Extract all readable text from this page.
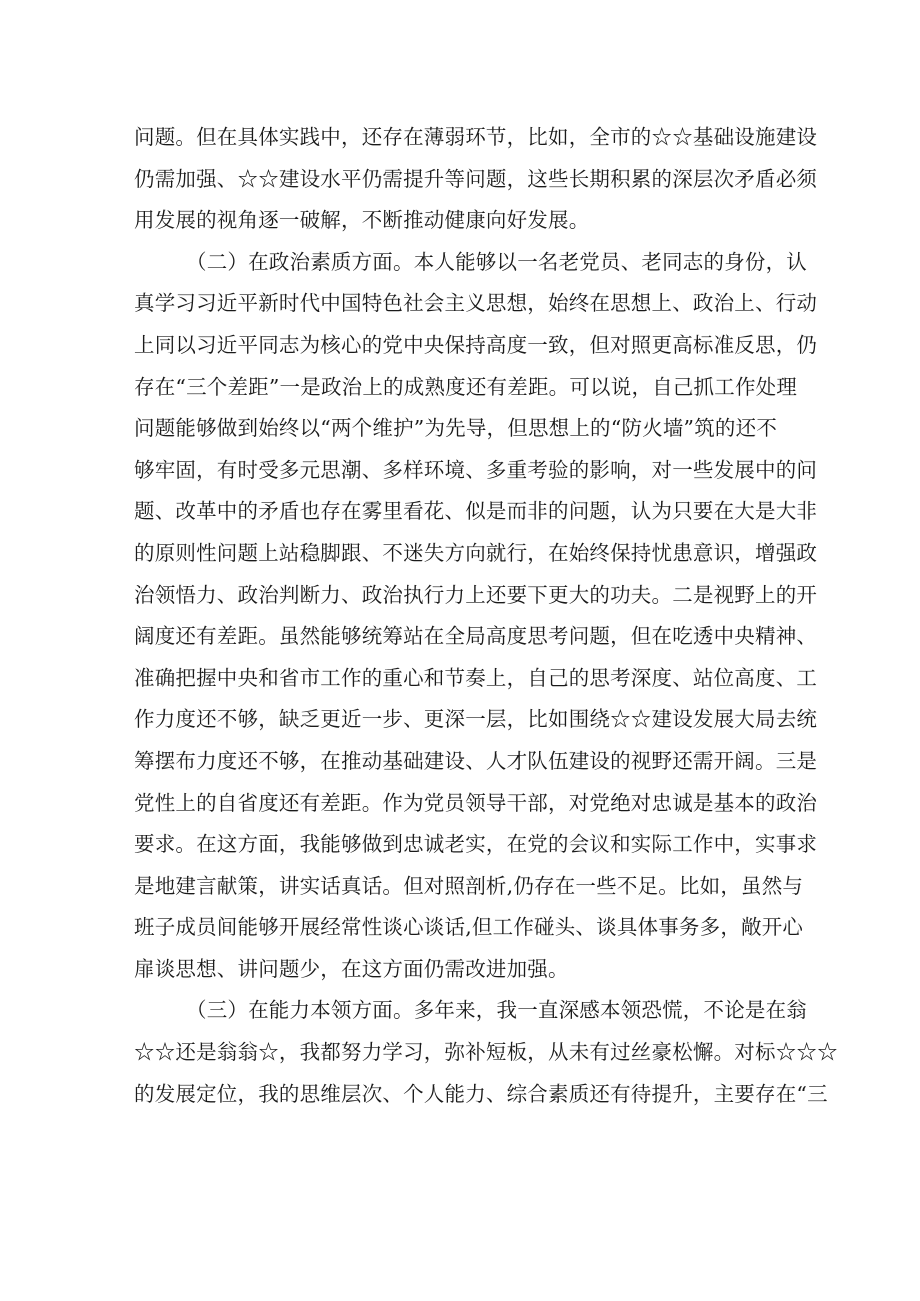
问题。但在具体实践中，还存在薄弱环节，比如，全市的☆☆基础设施建设
仍需加强、☆☆建设水平仍需提升等问题，这些长期积累的深层次矛盾必须
用发展的视角逐一破解，不断推动健康向好发展。
（二）在政治素质方面。本人能够以一名老党员、老同志的身份，认
真学习习近平新时代中国特色社会主义思想，始终在思想上、政治上、行动
上同以习近平同志为核心的党中央保持高度一致，但对照更高标准反思，仍
存在“三个差距”一是政治上的成熟度还有差距。可以说，自己抓工作处理
问题能够做到始终以“两个维护”为先导，但思想上的“防火墙”筑的还不
够牢固，有时受多元思潮、多样环境、多重考验的影响，对一些发展中的问
题、改革中的矛盾也存在雾里看花、似是而非的问题，认为只要在大是大非
的原则性问题上站稳脚跟、不迷失方向就行，在始终保持忧患意识，增强政
治领悟力、政治判断力、政治执行力上还要下更大的功夫。二是视野上的开
阔度还有差距。虽然能够统筹站在全局高度思考问题，但在吃透中央精神、
准确把握中央和省市工作的重心和节奏上，自己的思考深度、站位高度、工
作力度还不够，缺乏更近一步、更深一层，比如围绕☆☆建设发展大局去统
筹摆布力度还不够，在推动基础建设、人才队伍建设的视野还需开阔。三是
党性上的自省度还有差距。作为党员领导干部，对党绝对忠诚是基本的政治
要求。在这方面，我能够做到忠诚老实，在党的会议和实际工作中，实事求
是地建言献策，讲实话真话。但对照剖析,仍存在一些不足。比如，虽然与
班子成员间能够开展经常性谈心谈话,但工作碰头、谈具体事务多，敞开心
扉谈思想、讲问题少，在这方面仍需改进加强。
（三）在能力本领方面。多年来，我一直深感本领恐慌，不论是在翁
☆☆还是翁翁☆，我都努力学习，弥补短板，从未有过丝豪松懈。对标☆☆☆
的发展定位，我的思维层次、个人能力、综合素质还有待提升，主要存在“三
